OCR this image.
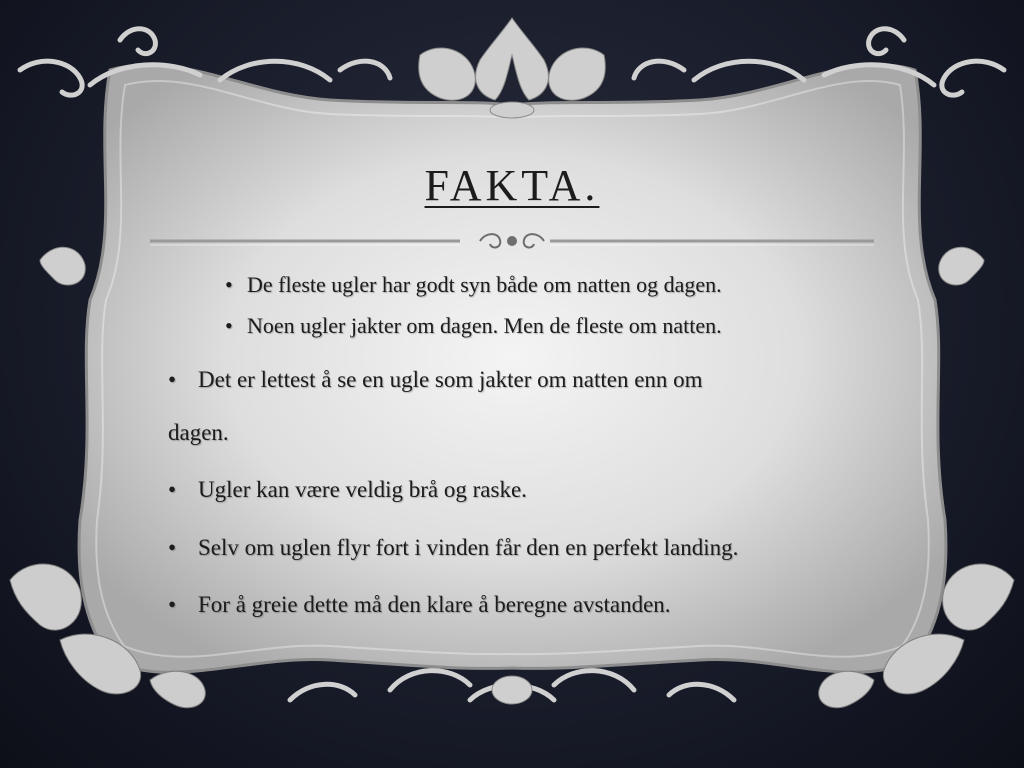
FAKTA.
• De fleste ugler har godt syn både om natten og dagen.
• Noen ugler jakter om dagen. Men de fleste om natten.
• Det er lettest å se en ugle som jakter om natten enn om
dagen.
• Ugler kan være veldig brå og raske.
• Selv om uglen flyr fort i vinden får den en perfekt landing.
• For å greie dette må den klare å beregne avstanden.
